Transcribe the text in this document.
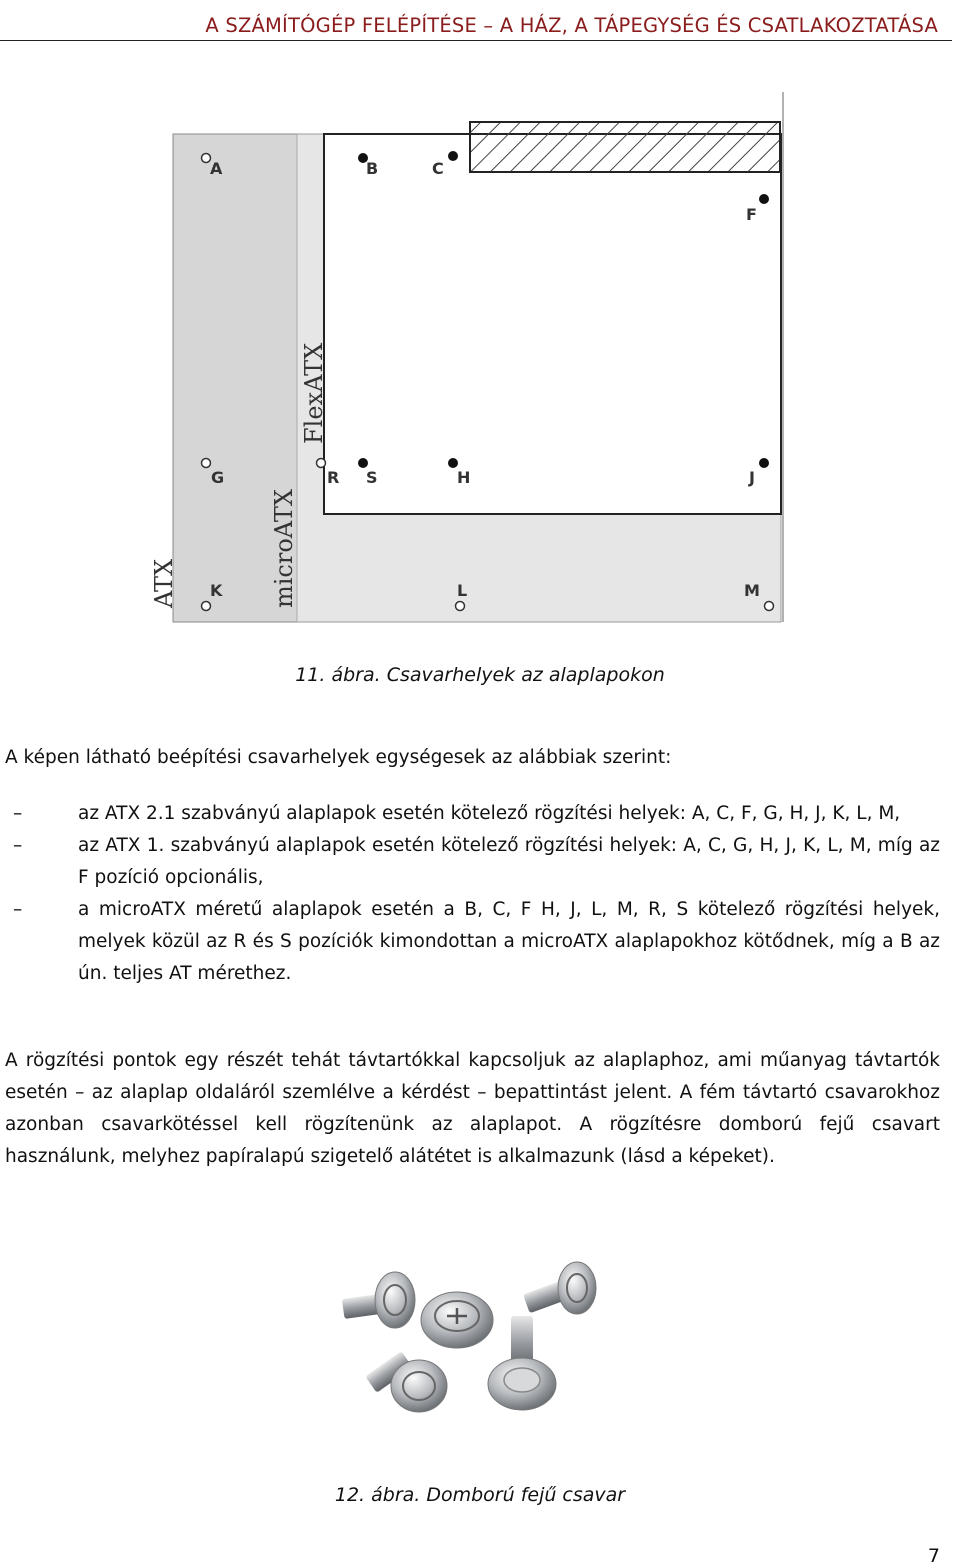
A SZÁMÍTÓGÉP FELÉPÍTÉSE – A HÁZ, A TÁPEGYSÉG ÉS CSATLAKOZTATÁSA
ATX	microATX
FlexATX
A	B	C
F
G	R S	H	J
K	L	M
11. ábra. Csavarhelyek az alaplapokon

A képen látható beépítési csavarhelyek egységesek az alábbiak szerint:

–	az ATX 2.1 szabványú alaplapok esetén kötelező rögzítési helyek: A, C, F, G, H, J, K, L, M,
–	az ATX 1. szabványú alaplapok esetén kötelező rögzítési helyek: A, C, G, H, J, K, L, M, míg az F pozíció opcionális,
–	a microATX méretű alaplapok esetén a B, C, F H, J, L, M, R, S kötelező rögzítési helyek, melyek közül az R és S pozíciók kimondottan a microATX alaplapokhoz kötődnek, míg a B az ún. teljes AT mérethez.

A rögzítési pontok egy részét tehát távtartókkal kapcsoljuk az alaplaphoz, ami műanyag távtartók esetén – az alaplap oldaláról szemlélve a kérdést – bepattintást jelent. A fém távtartó csavarokhoz azonban csavarkötéssel kell rögzítenünk az alaplapot. A rögzítésre domború fejű csavart használunk, melyhez papíralapú szigetelő alátétet is alkalmazunk (lásd a képeket).

12. ábra. Domború fejű csavar
7
